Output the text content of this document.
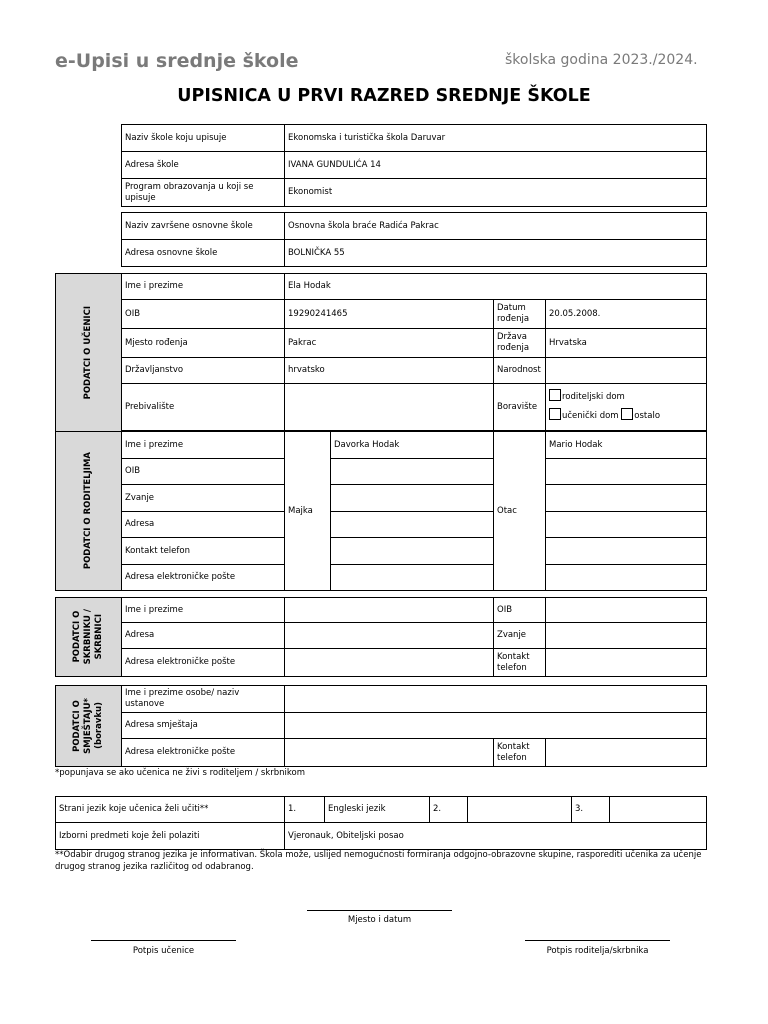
e-Upisi u srednje škole	školska godina 2023./2024.
UPISNICA U PRVI RAZRED SREDNJE ŠKOLE
Naziv škole koju upisuje	Ekonomska i turistička škola Daruvar
Adresa škole	IVANA GUNDULIĆA 14
Program obrazovanja u koji se upisuje	Ekonomist
Naziv završene osnovne škole	Osnovna škola braće Radića Pakrac
Adresa osnovne škole	BOLNIČKA 55
PODATCI O UČENICI	Ime i prezime	Ela Hodak			
	OIB	19290241465		Datum rođenja	20.05.2008.
	Mjesto rođenja	Pakrac		Država rođenja	Hrvatska
	Državljanstvo	hrvatsko		Narodnost	
	Prebivalište			Boravište	roditeljski dom
učenički dom ostalo

PODATCI O RODITELJIMA	Ime i prezime	Majka	Davorka Hodak	Otac	Mario Hodak
	OIB				
	Zvanje				
	Adresa				
	Kontakt telefon				
	Adresa elektroničke pošte				
PODATCI O
SKRBNIKU /
SKRBNICI	Ime i prezime		OIB	
	Adresa		Zvanje	
	Adresa elektroničke pošte		Kontakt telefon	
PODATCI O
SMJEŠTAJU*
(boravku)	Ime i prezime osobe/ naziv ustanove			
	Adresa smještaja			
	Adresa elektroničke pošte		Kontakt telefon	
*popunjava se ako učenica ne živi s roditeljem / skrbnikom
Strani jezik koje učenica želi učiti**	1.	Engleski jezik	2.		3.	
Izborni predmeti koje želi polaziti	Vjeronauk, Obiteljski posao					
**Odabir drugog stranog jezika je informativan. Škola može, uslijed nemogućnosti formiranja odgojno-obrazovne skupine, rasporediti učenika za učenje drugog stranog jezika različitog od odabranog.
Mjesto i datum
Potpis učenice	Potpis roditelja/skrbnika
